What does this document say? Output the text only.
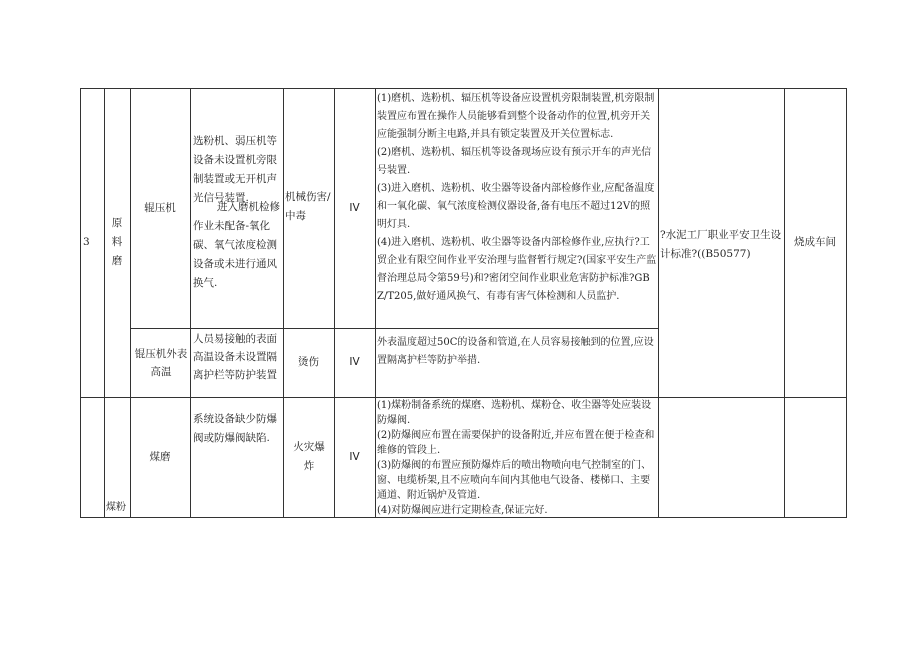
3
原料磨
辊压机
选粉机、弱压机等设备未设置机旁限制装置或无开机声光信号装置.
进入磨机检修作业未配备-氧化碳、氧气浓度检测设备或未进行通风换气.
机械伤害/中毒
IV
(1)磨机、选粉机、辐压机等设备应设置机旁限制装置,机旁限制装置应布置在操作人员能够看到整个设备动作的位置,机旁开关应能强制分断主电路,并具有锁定装置及开关位置标志.
(2)磨机、选粉机、辐压机等设备现场应设有预示开车的声光信号装置.
(3)进入磨机、选粉机、收尘器等设备内部检修作业,应配备温度和一氧化碳、氧气浓度检测仪器设备,备有电压不超过12V的照明灯具.
(4)进入磨机、选粉机、收尘器等设备内部检修作业,应执行?工贸企业有限空间作业平安治理与监督暂行规定?(国家平安生产监督治理总局令第59号)和?密闭空间作业职业危害防护标准?GBZ/T205,做好通风换气、有毒有害气体检测和人员监护.
?水泥工厂职业平安卫生设计标准?((B50577)
烧成车间
锟压机外表高温
人员易接触的表面高温设备未设置隔离护栏等防护装置
烫伤	IV
外表温度超过50C的设备和管道,在人员容易接触到的位置,应设置隔离护栏等防护举措.
煤粉
煤磨
系统设备缺少防爆阀或防爆阀缺陷.
火灾爆炸
IV
(1)煤粉制备系统的煤磨、选粉机、煤粉仓、收尘器等处应装设防爆阀.
(2)防爆阀应布置在需要保护的设备附近,并应布置在便于检查和维修的管段上.
(3)防爆阀的布置应预防爆炸后的喷出物喷向电气控制室的门、窗、电缆桥架,且不应喷向车间内其他电气设备、楼梯口、主要通道、附近锅炉及管道.
(4)对防爆阀应进行定期检查,保证完好.
